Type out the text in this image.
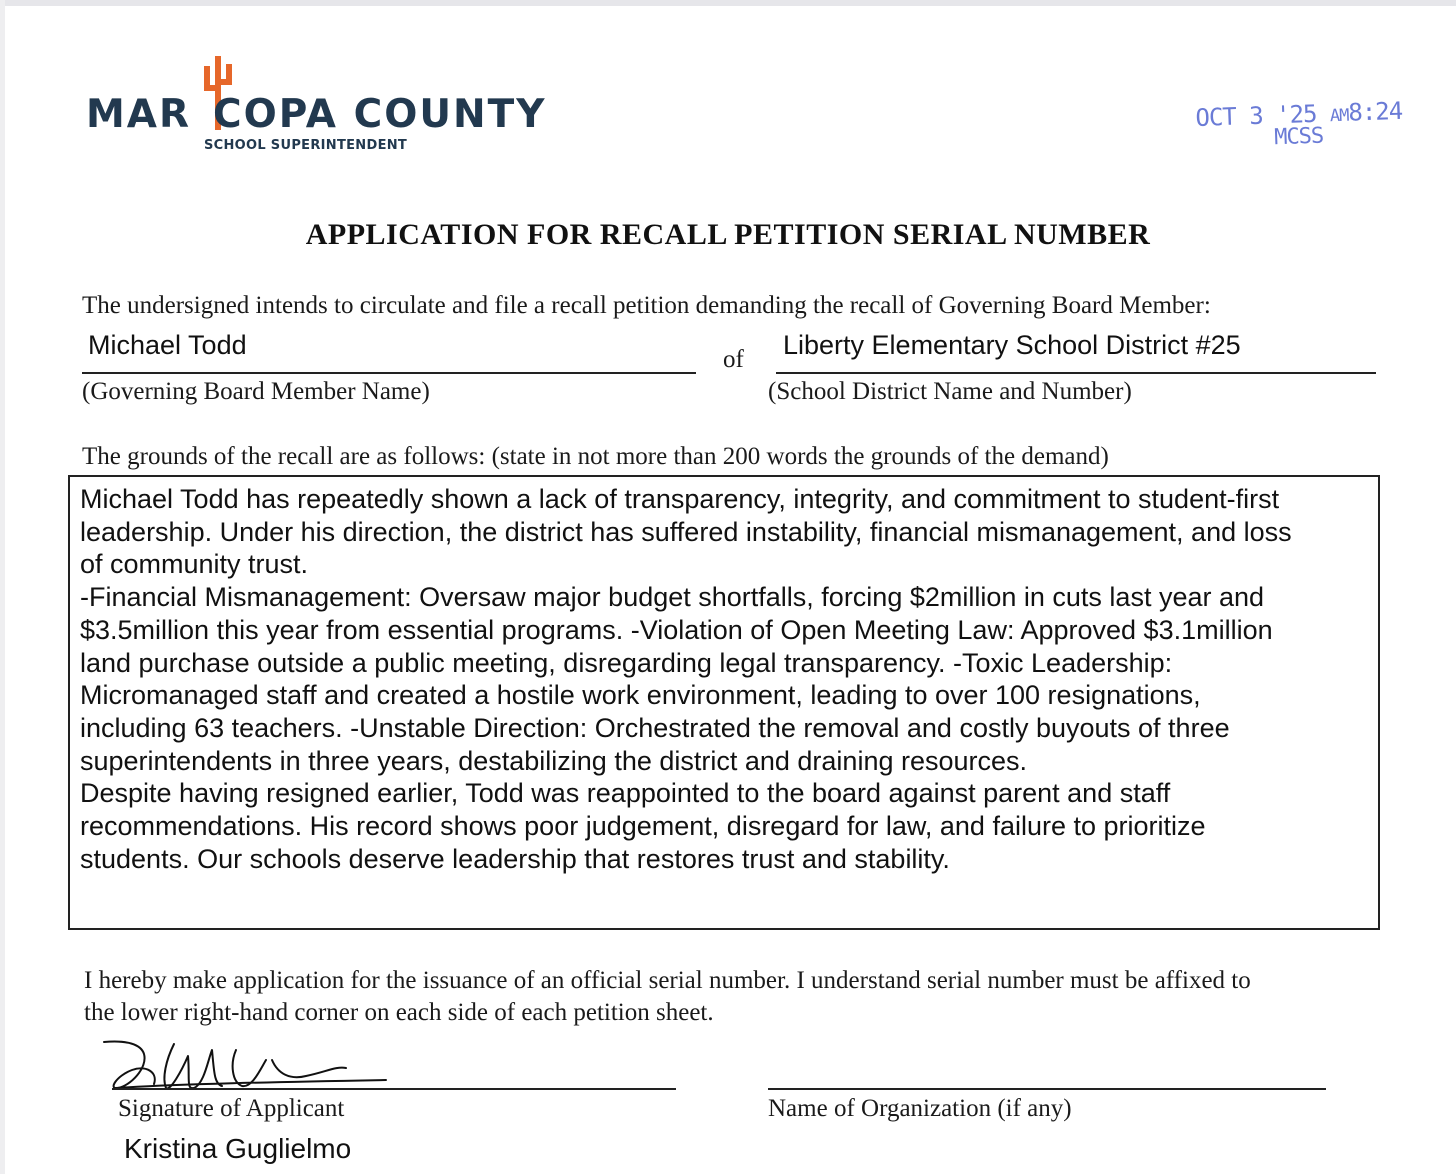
MAR COPA COUNTY
SCHOOL SUPERINTENDENT
OCT 3 '25 AM8:24
MCSS
APPLICATION FOR RECALL PETITION SERIAL NUMBER
The undersigned intends to circulate and file a recall petition demanding the recall of Governing Board Member:
Michael Todd
(Governing Board Member Name)
of Liberty Elementary School District #25
(School District Name and Number)
The grounds of the recall are as follows: (state in not more than 200 words the grounds of the demand)
Michael Todd has repeatedly shown a lack of transparency, integrity, and commitment to student-first
leadership. Under his direction, the district has suffered instability, financial mismanagement, and loss
of community trust.
-Financial Mismanagement: Oversaw major budget shortfalls, forcing $2million in cuts last year and
$3.5million this year from essential programs. -Violation of Open Meeting Law: Approved $3.1million
land purchase outside a public meeting, disregarding legal transparency. -Toxic Leadership:
Micromanaged staff and created a hostile work environment, leading to over 100 resignations,
including 63 teachers. -Unstable Direction: Orchestrated the removal and costly buyouts of three
superintendents in three years, destabilizing the district and draining resources.
Despite having resigned earlier, Todd was reappointed to the board against parent and staff
recommendations. His record shows poor judgement, disregard for law, and failure to prioritize
students. Our schools deserve leadership that restores trust and stability.
I hereby make application for the issuance of an official serial number. I understand serial number must be affixed to
the lower right-hand corner on each side of each petition sheet.
Signature of Applicant
Kristina Guglielmo
Name of Organization (if any)
